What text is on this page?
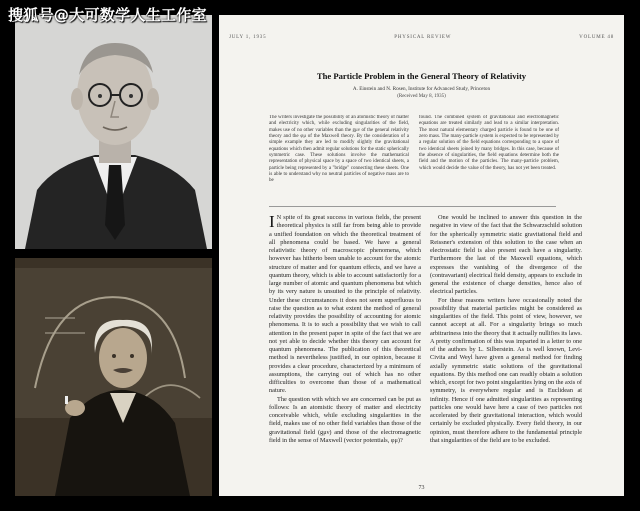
搜狐号@大可数学人生工作室
JULY 1, 1935	PHYSICAL REVIEW	VOLUME 48
The Particle Problem in the General Theory of Relativity
A. Einstein and N. Rosen, Institute for Advanced Study, Princeton
(Received May 8, 1935)
The writers investigate the possibility of an atomistic theory of matter and electricity which, while excluding singularities of the field, makes use of no other variables than the gμν of the general relativity theory and the φμ of the Maxwell theory. By the consideration of a simple example they are led to modify slightly the gravitational equations which then admit regular solutions for the static spherically symmetric case. These solutions involve the mathematical representation of physical space by a space of two identical sheets, a particle being represented by a "bridge" connecting these sheets. One is able to understand why no neutral particles of negative mass are to be
found. The combined system of gravitational and electromagnetic equations are treated similarly and lead to a similar interpretation. The most natural elementary charged particle is found to be one of zero mass. The many-particle system is expected to be represented by a regular solution of the field equations corresponding to a space of two identical sheets joined by many bridges. In this case, because of the absence of singularities, the field equations determine both the field and the motion of the particles. The many-particle problem, which would decide the value of the theory, has not yet been treated.
I N spite of its great success in various fields, the present theoretical physics is still far from being able to provide a unified foundation on which the theoretical treatment of all phenomena could be based. We have a general relativistic theory of macroscopic phenomena, which however has hitherto been unable to account for the atomic structure of matter and for quantum effects, and we have a quantum theory, which is able to account satisfactorily for a large number of atomic and quantum phenomena but which by its very nature is unsuited to the principle of relativity. Under these circumstances it does not seem superfluous to raise the question as to what extent the method of general relativity provides the possibility of accounting for atomic phenomena. It is to such a possibility that we wish to call attention in the present paper in spite of the fact that we are not yet able to decide whether this theory can account for quantum phenomena. The publication of this theoretical method is nevertheless justified, in our opinion, because it provides a clear procedure, characterized by a minimum of assumptions, the carrying out of which has no other difficulties to overcome than those of a mathematical nature.

The question with which we are concerned can be put as follows: Is an atomistic theory of matter and electricity conceivable which, while excluding singularities in the field, makes use of no other field variables than those of the gravitational field (gμν) and those of the electromagnetic field in the sense of Maxwell (vector potentials, φμ)?

One would be inclined to answer this question in the negative in view of the fact that the Schwarzschild solution for the spherically symmetric static gravitational field and Reissner's extension of this solution to the case when an electrostatic field is also present each have a singularity. Furthermore the last of the Maxwell equations, which expresses the vanishing of the divergence of the (contravariant) electrical field density, appears to exclude in general the existence of charge densities, hence also of electrical particles.

For these reasons writers have occasionally noted the possibility that material particles might be considered as singularities of the field. This point of view, however, we cannot accept at all. For a singularity brings so much arbitrariness into the theory that it actually nullifies its laws. A pretty confirmation of this was imparted in a letter to one of the authors by L. Silberstein. As is well known, Levi-Civita and Weyl have given a general method for finding axially symmetric static solutions of the gravitational equations. By this method one can readily obtain a solution which, except for two point singularities lying on the axis of symmetry, is everywhere regular and is Euclidean at infinity. Hence if one admitted singularities as representing particles one would have here a case of two particles not accelerated by their gravitational interaction, which would certainly be excluded physically. Every field theory, in our opinion, must therefore adhere to the fundamental principle that singularities of the field are to be excluded.

73
